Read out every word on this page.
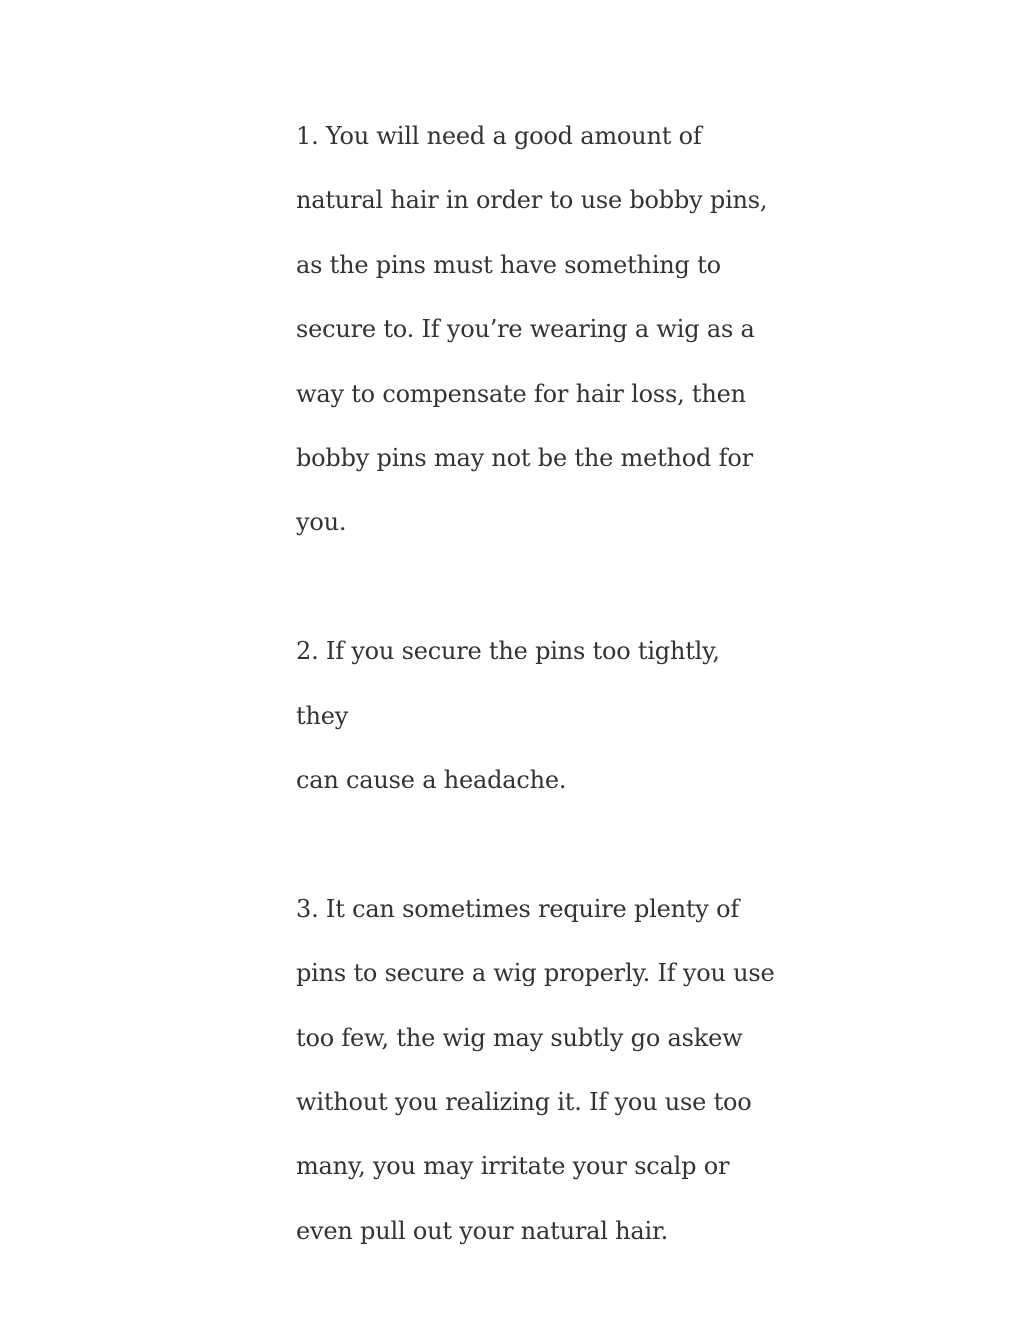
1. You will need a good amount of
natural hair in order to use bobby pins,
as the pins must have something to
secure to. If you’re wearing a wig as a
way to compensate for hair loss, then
bobby pins may not be the method for
you.

2. If you secure the pins too tightly, they
can cause a headache.

3. It can sometimes require plenty of
pins to secure a wig properly. If you use
too few, the wig may subtly go askew
without you realizing it. If you use too
many, you may irritate your scalp or
even pull out your natural hair.
